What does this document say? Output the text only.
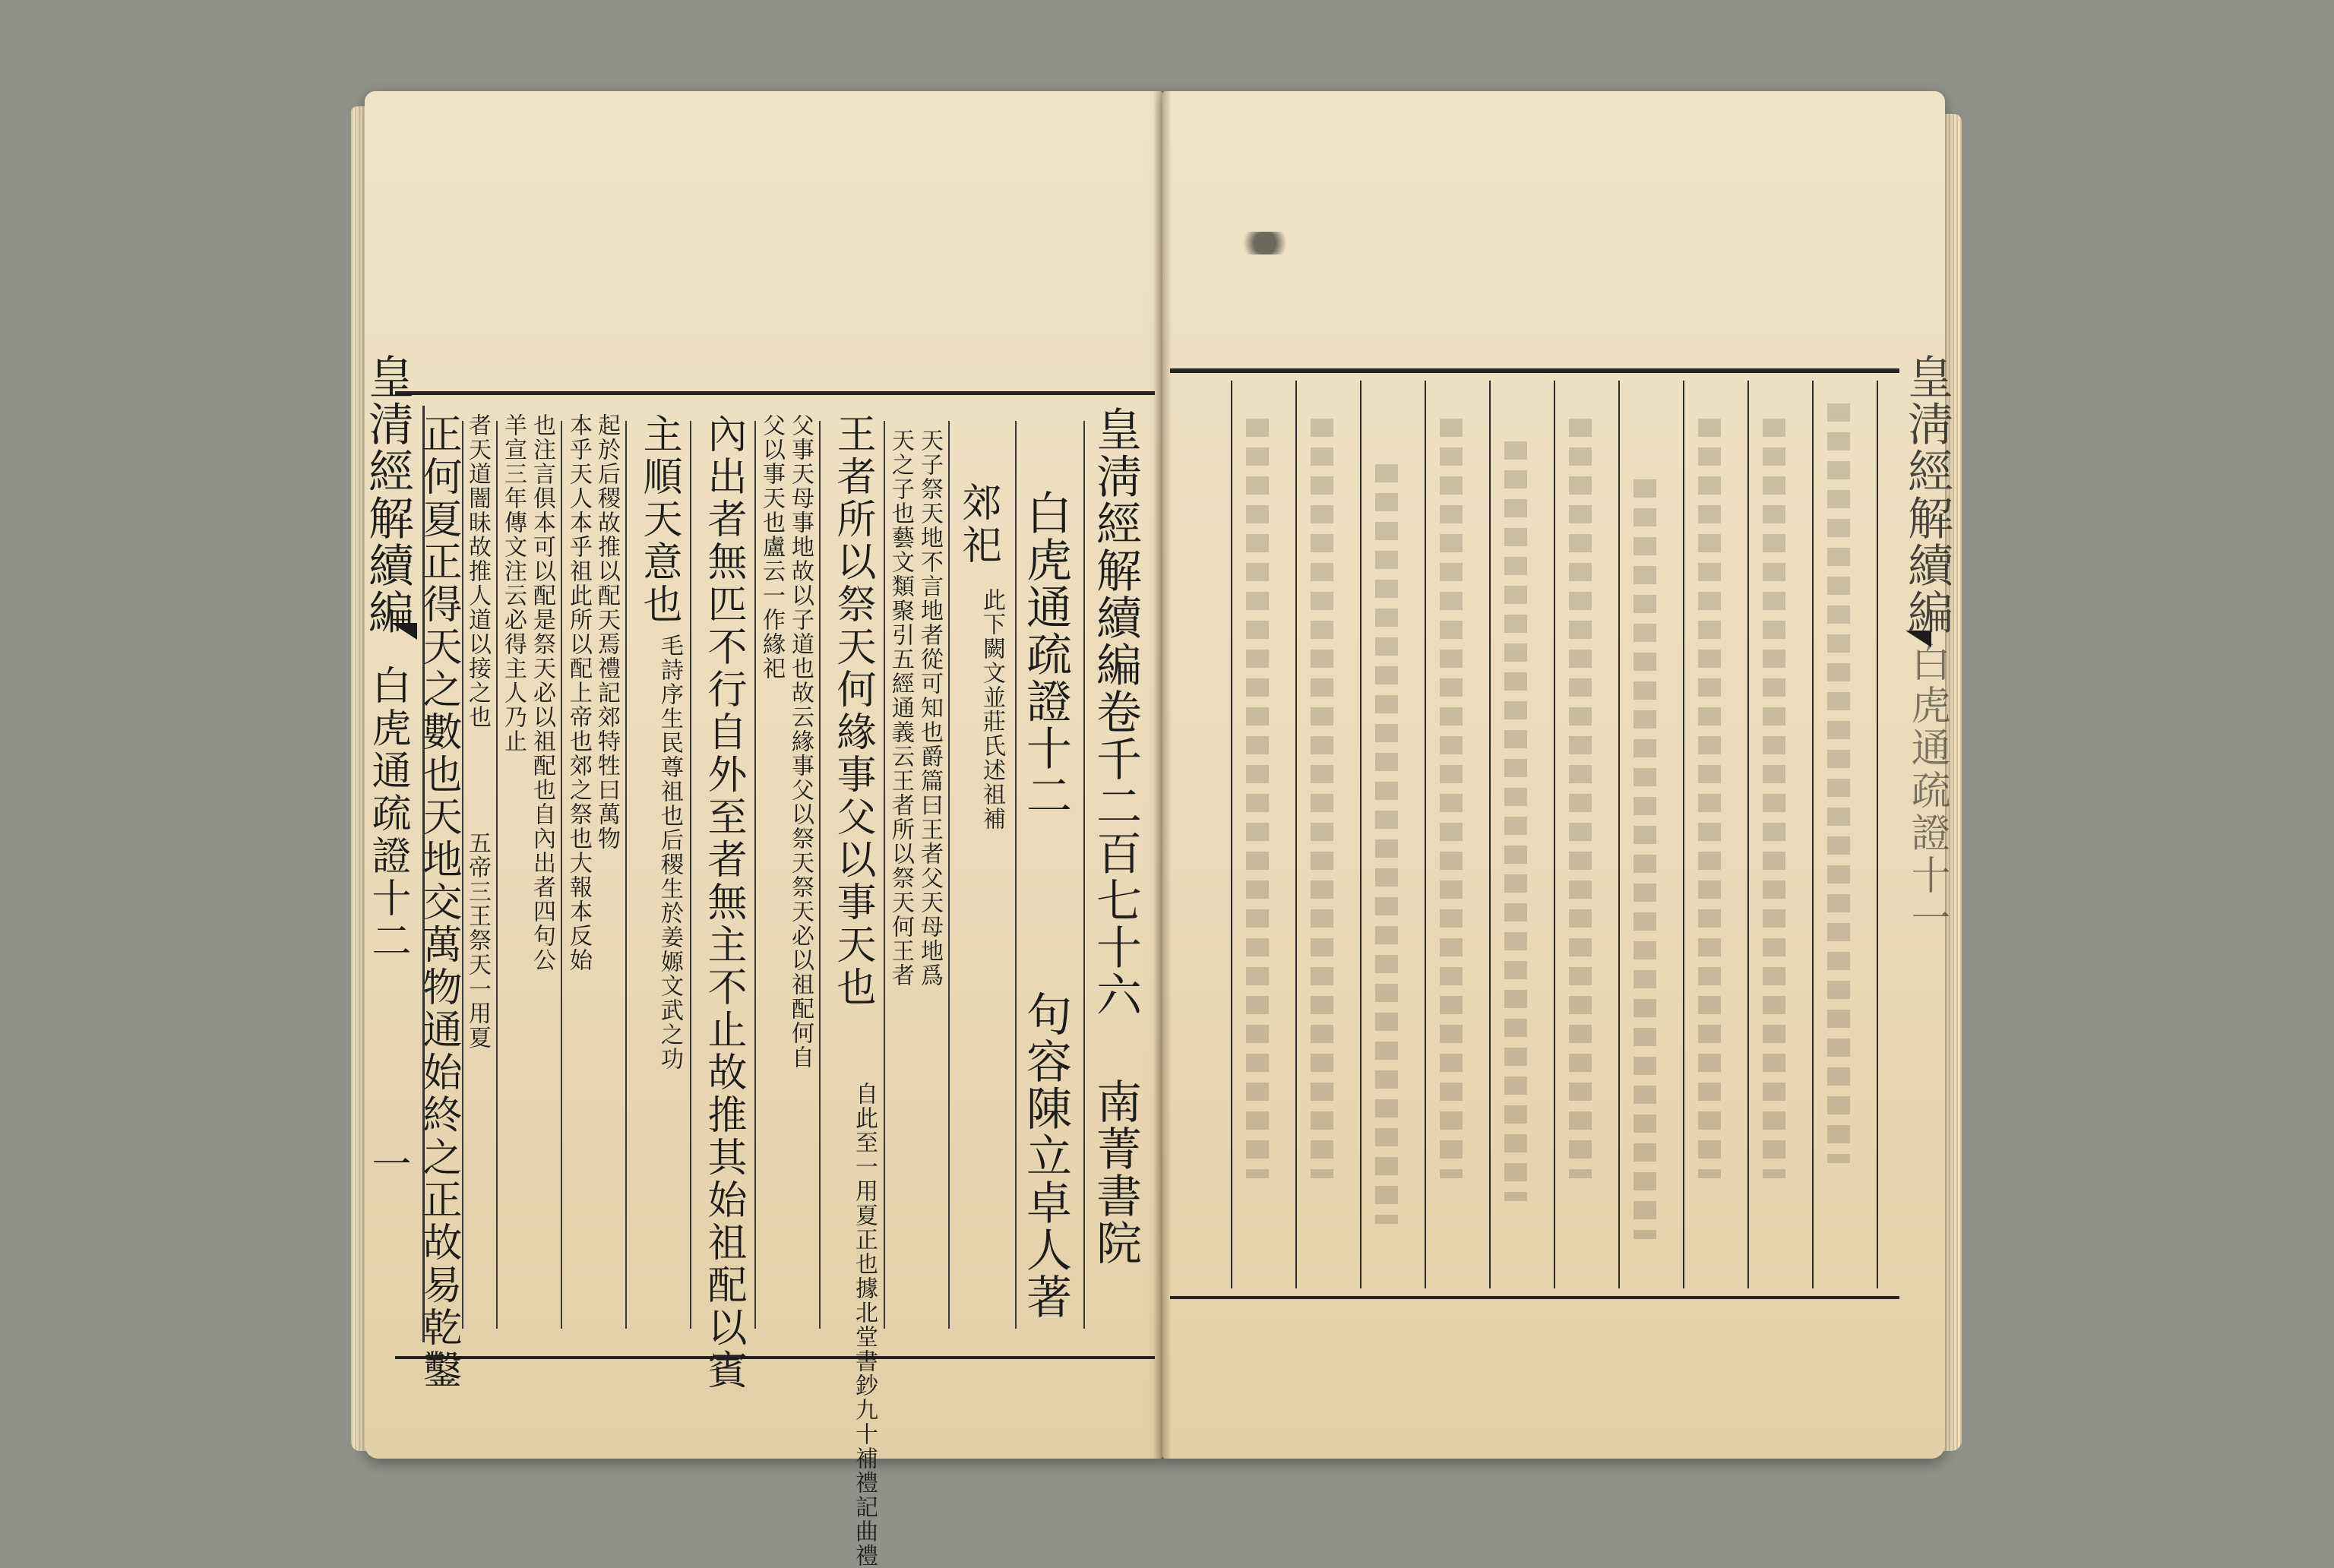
皇淸經解續編卷千二百七十六
南菁書院
白虎通疏證十二
句容陳立卓人著
郊祀
此下闕文並莊氏述祖補
天子祭天地不言地者從可知也爵篇曰王者父天母地爲
天之子也藝文類聚引五經通義云王者所以祭天何王者
王者所以祭天何緣事父以事天也
自此至一用夏正也據北堂書鈔九十補禮記曲禮
父事天母事地故以子道也故云緣事父以祭天祭天必以祖配何自
父以事天也盧云一作緣祀
內出者無匹不行自外至者無主不止故推其始祖配以賓
主順天意也
毛詩序生民尊祖也后稷生於姜嫄文武之功
起於后稷故推以配天焉禮記郊特牲曰萬物
本乎天人本乎祖此所以配上帝也郊之祭也大報本反始
也注言俱本可以配是祭天必以祖配也自內出者四句公
羊宣三年傳文注云必得主人乃止
者天道闇昧故推人道以接之也
五帝三王祭天一用夏
正何夏正得天之數也天地交萬物通始終之正故易乾鑿
皇清經解續編
白虎通疏證十二
一
皇淸經解續編
白虎通疏證十一
